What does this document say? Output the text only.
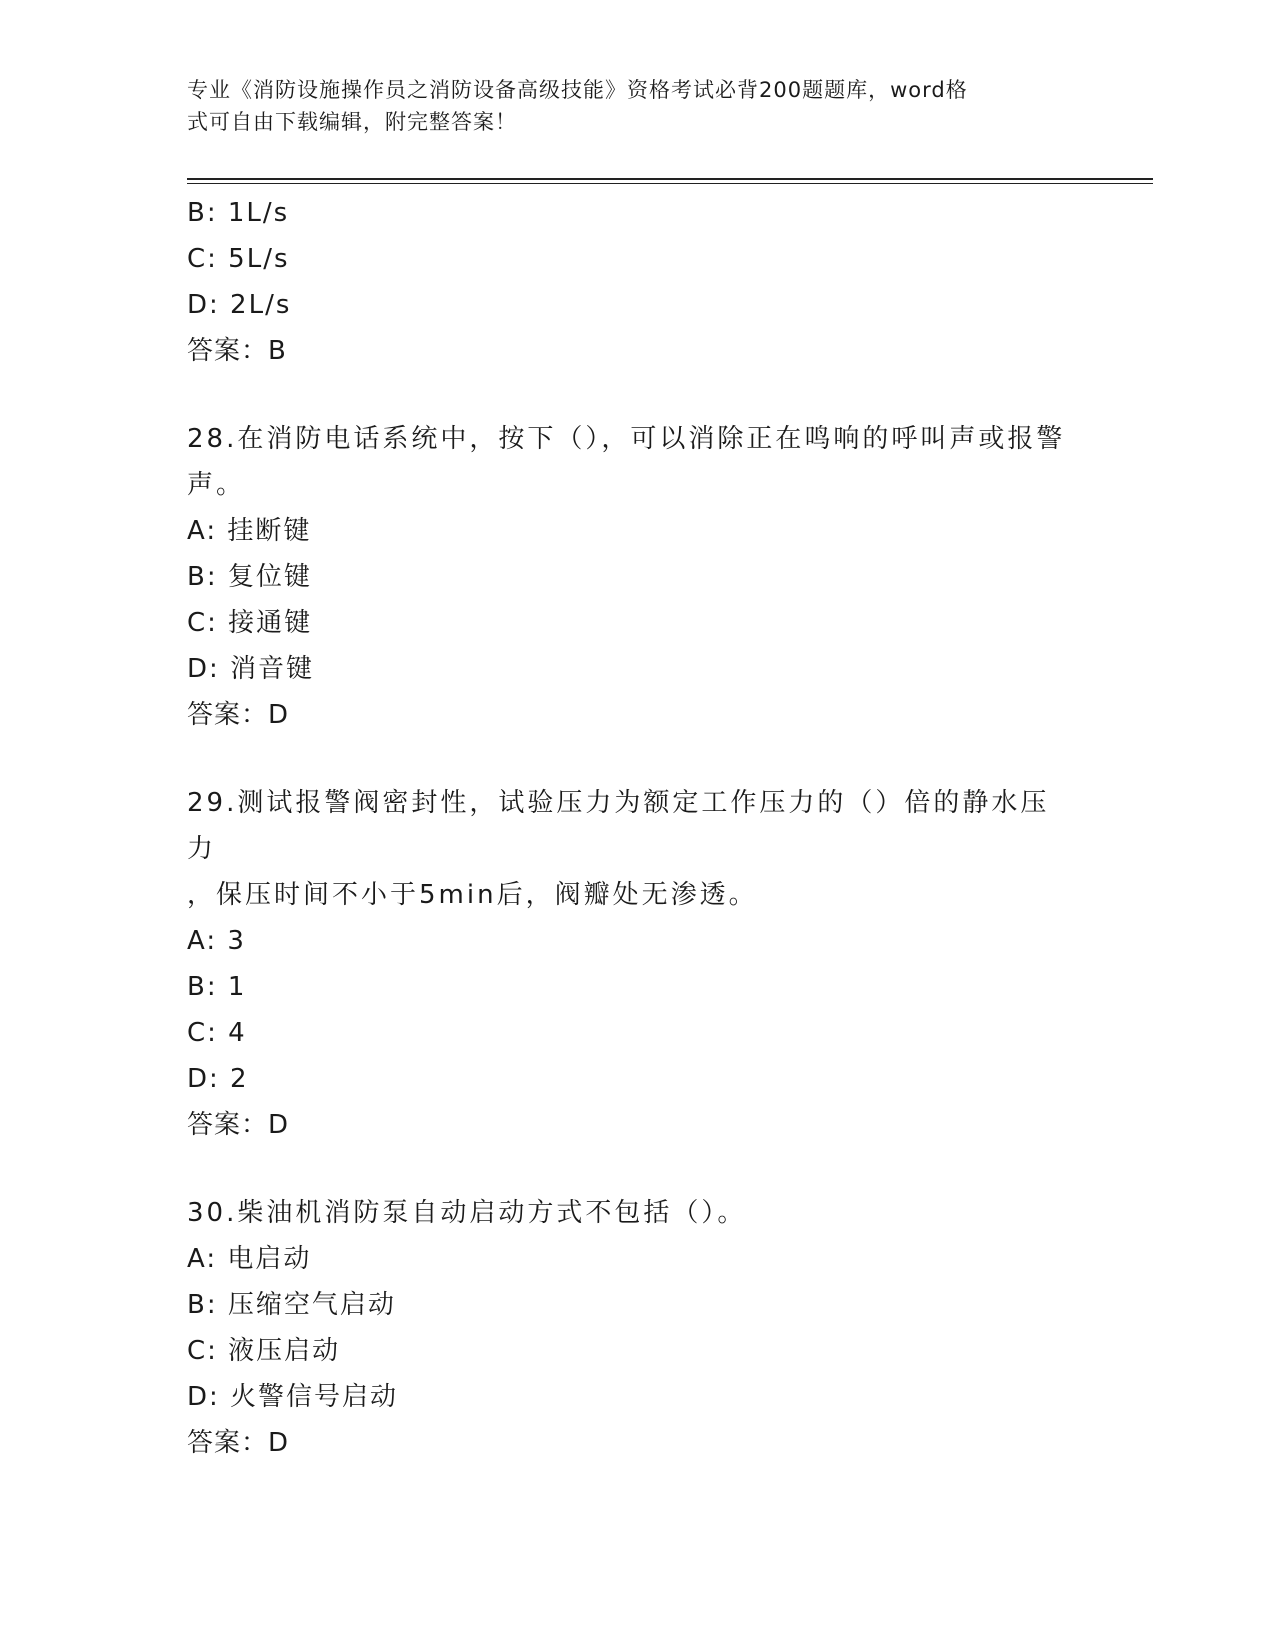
专业《消防设施操作员之消防设备高级技能》资格考试必背200题题库，word格
式可自由下载编辑，附完整答案！
B: 1L/s
C: 5L/s
D: 2L/s
答案：B
28.在消防电话系统中，按下（），可以消除正在鸣响的呼叫声或报警
声。
A: 挂断键
B: 复位键
C: 接通键
D: 消音键
答案：D
29.测试报警阀密封性，试验压力为额定工作压力的（）倍的静水压力
，保压时间不小于5min后，阀瓣处无渗透。
A: 3
B: 1
C: 4
D: 2
答案：D
30.柴油机消防泵自动启动方式不包括（）。
A: 电启动
B: 压缩空气启动
C: 液压启动
D: 火警信号启动
答案：D
